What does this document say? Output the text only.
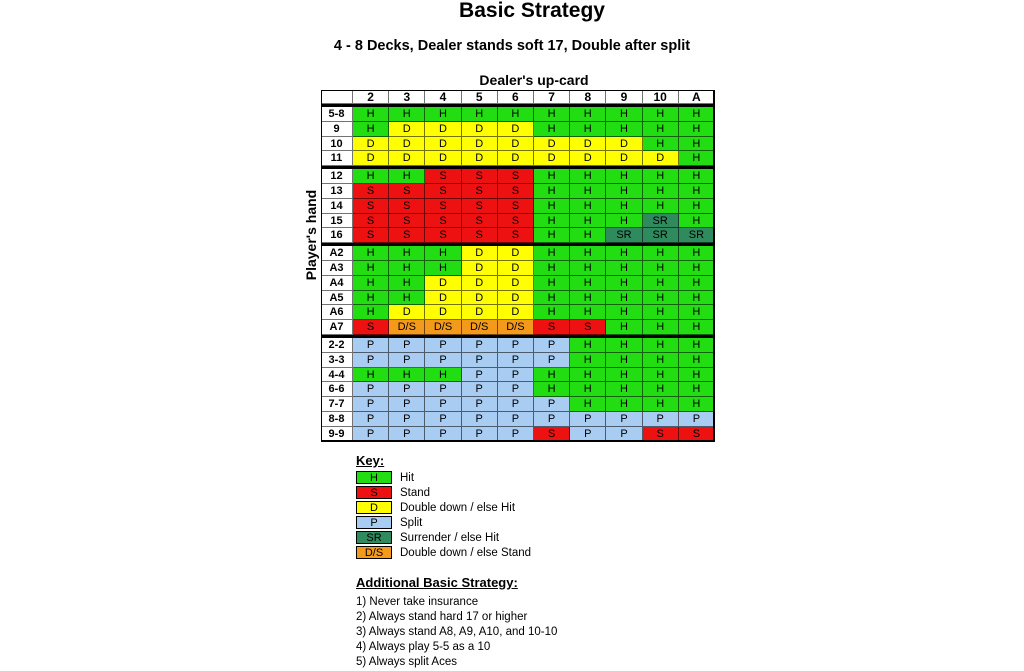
Basic Strategy
4 - 8 Decks, Dealer stands soft 17, Double after split
Dealer's up-card
Player's hand
2	3	4	5	6	7	8	9	10	A
5-8	H	H	H	H	H	H	H	H	H	H
9	H	D	D	D	D	H	H	H	H	H
10	D	D	D	D	D	D	D	D	H	H
11	D	D	D	D	D	D	D	D	D	H
12	H	H	S	S	S	H	H	H	H	H
13	S	S	S	S	S	H	H	H	H	H
14	S	S	S	S	S	H	H	H	H	H
15	S	S	S	S	S	H	H	H	SR	H
16	S	S	S	S	S	H	H	SR	SR	SR
A2	H	H	H	D	D	H	H	H	H	H
A3	H	H	H	D	D	H	H	H	H	H
A4	H	H	D	D	D	H	H	H	H	H
A5	H	H	D	D	D	H	H	H	H	H
A6	H	D	D	D	D	H	H	H	H	H
A7	S	D/S	D/S	D/S	D/S	S	S	H	H	H
2-2	P	P	P	P	P	P	H	H	H	H
3-3	P	P	P	P	P	P	H	H	H	H
4-4	H	H	H	P	P	H	H	H	H	H
6-6	P	P	P	P	P	H	H	H	H	H
7-7	P	P	P	P	P	P	H	H	H	H
8-8	P	P	P	P	P	P	P	P	P	P
9-9	P	P	P	P	P	S	P	P	S	S
Key:
H	Hit
S	Stand
D	Double down / else Hit
P	Split
SR	Surrender / else Hit
D/S	Double down / else Stand
Additional Basic Strategy:
1) Never take insurance
2) Always stand hard 17 or higher
3) Always stand A8, A9, A10, and 10-10
4) Always play 5-5 as a 10
5) Always split Aces
